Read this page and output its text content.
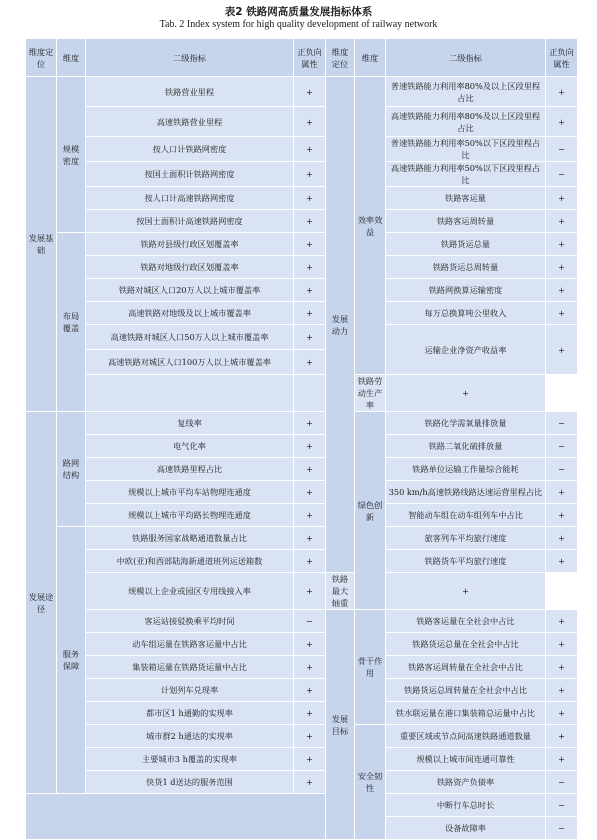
表2 铁路网高质量发展指标体系
Tab. 2 Index system for high quality development of railway network
维度定位	维度	二级指标	正负向属性	维度定位	维度	二级指标	正负向属性
发展基础	规模密度	铁路营业里程	+	发展动力	效率效益	普速铁路能力利用率80%及以上区段里程占比	+
		高速铁路营业里程	+			高速铁路能力利用率80%及以上区段里程占比	+
		按人口计铁路网密度	+			普速铁路能力利用率50%以下区段里程占比	−
		按国土面积计铁路网密度	+			高速铁路能力利用率50%以下区段里程占比	−
		按人口计高速铁路网密度	+			铁路客运量	+
		按国土面积计高速铁路网密度	+			铁路客运周转量	+
	布局覆盖	铁路对县级行政区划覆盖率	+			铁路货运总量	+
		铁路对地级行政区划覆盖率	+			铁路货运总周转量	+
		铁路对城区人口20万人以上城市覆盖率	+			铁路网换算运输密度	+
		高速铁路对地级及以上城市覆盖率	+			每万总换算吨公里收入	+
		高速铁路对城区人口50万人以上城市覆盖率	+			运输企业净资产收益率	+
		高速铁路对城区人口100万人以上城市覆盖率	+				
					铁路劳动生产率	+	
发展途径	路网结构	复线率	+		绿色创新	铁路化学需氧量排放量	−
		电气化率	+			铁路二氧化硫排放量	−
		高速铁路里程占比	+			铁路单位运输工作量综合能耗	−
		规模以上城市平均车站物理连通度	+			350 km/h高速铁路线路达速运营里程占比	+
		规模以上城市平均路长物理连通度	+			智能动车组在动车组列车中占比	+
	服务保障	铁路服务国家战略通道数量占比	+			旅客列车平均旅行速度	+
		中欧(亚)和西部陆海新通道班列运送箱数	+			铁路货车平均旅行速度	+
		规模以上企业或园区专用线接入率	+	铁路最大轴重		+	
		客运站接驳换乘平均时间	−	发展目标	骨干作用	铁路客运量在全社会中占比	+
		动车组运量在铁路客运量中占比	+			铁路货运总量在全社会中占比	+
		集装箱运量在铁路货运量中占比	+			铁路客运周转量在全社会中占比	+
		计划列车兑现率	+			铁路货运总周转量在全社会中占比	+
		都市区1 h通勤的实现率	+			铁水联运量在港口集装箱总运量中占比	+
		城市群2 h通达的实现率	+		安全韧性	重要区域或节点间高速铁路通道数量	+
		主要城市3 h覆盖的实现率	+			规模以上城市间连通可靠性	+
		快货1 d送达的服务范围	+			铁路资产负债率	−
						中断行车总时长	−
						设备故障率	−
